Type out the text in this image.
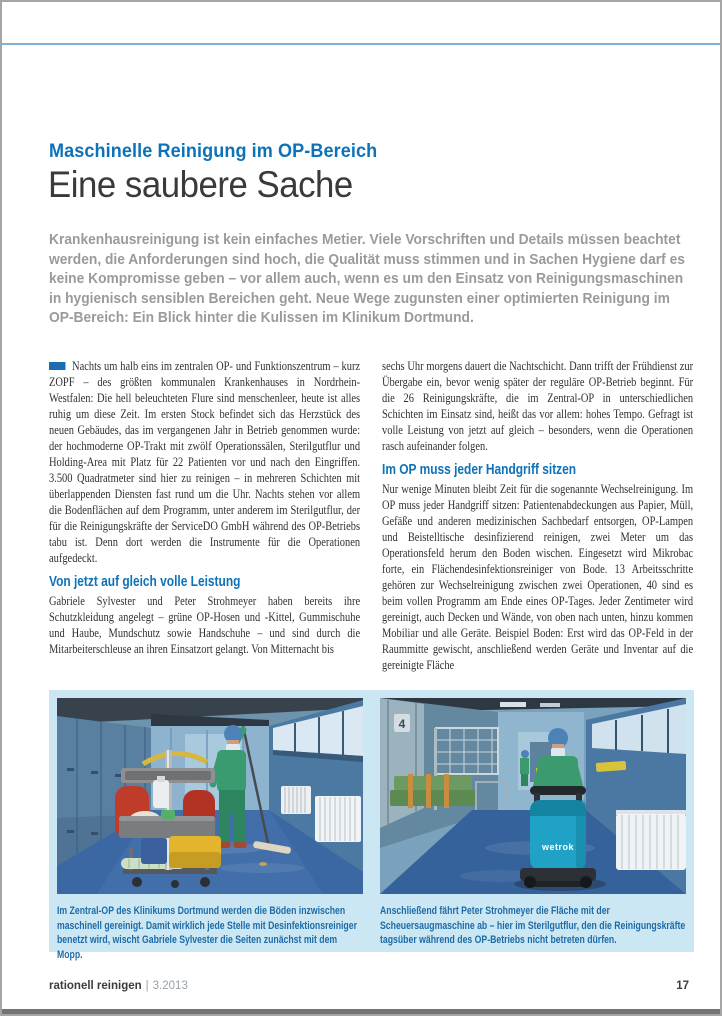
Maschinelle Reinigung im OP-Bereich
Eine saubere Sache

Krankenhausreinigung ist kein einfaches Metier. Viele Vorschriften und Details müssen beachtet werden, die Anforderungen sind hoch, die Qualität muss stimmen und in Sachen Hygiene darf es keine Kompromisse geben – vor allem auch, wenn es um den Einsatz von Reinigungsmaschinen in hygienisch sensiblen Bereichen geht. Neue Wege zugunsten einer optimierten Reinigung im OP-Bereich: Ein Blick hinter die Kulissen im Klinikum Dortmund.

Nachts um halb eins im zentralen OP- und Funktionszentrum – kurz ZOPF – des größten kommunalen Krankenhauses in Nordrhein-Westfalen: Die hell beleuchteten Flure sind menschenleer, heute ist alles ruhig um diese Zeit. Im ersten Stock befindet sich das Herzstück des neuen Gebäudes, das im vergangenen Jahr in Betrieb genommen wurde: der hochmoderne OP-Trakt mit zwölf Operationssälen, Sterilgutflur und Holding-Area mit Platz für 22 Patienten vor und nach den Eingriffen. 3.500 Quadratmeter sind hier zu reinigen – in mehreren Schichten mit überlappenden Diensten fast rund um die Uhr. Nachts stehen vor allem die Bodenflächen auf dem Programm, unter anderem im Sterilgutflur, der für die Reinigungskräfte der ServiceDO GmbH während des OP-Betriebs tabu ist. Denn dort werden die Instrumente für die Operationen aufgedeckt.

Von jetzt auf gleich volle Leistung

Gabriele Sylvester und Peter Strohmeyer haben bereits ihre Schutzkleidung angelegt – grüne OP-Hosen und -Kittel, Gummischuhe und Haube, Mundschutz sowie Handschuhe – und sind durch die Mitarbeiterschleuse an ihren Einsatzort gelangt. Von Mitternacht bis

sechs Uhr morgens dauert die Nachtschicht. Dann trifft der Frühdienst zur Übergabe ein, bevor wenig später der reguläre OP-Betrieb beginnt. Für die 26 Reinigungskräfte, die im Zentral-OP in unterschiedlichen Schichten im Einsatz sind, heißt das vor allem: hohes Tempo. Gefragt ist volle Leistung von jetzt auf gleich – besonders, wenn die Operationen rasch aufeinander folgen.

Im OP muss jeder Handgriff sitzen

Nur wenige Minuten bleibt Zeit für die sogenannte Wechselreinigung. Im OP muss jeder Handgriff sitzen: Patientenabdeckungen aus Papier, Müll, Gefäße und anderen medizinischen Sachbedarf entsorgen, OP-Lampen und Beistelltische desinfizierend reinigen, zwei Meter um das Operationsfeld herum den Boden wischen. Eingesetzt wird Mikrobac forte, ein Flächendesinfektionsreiniger von Bode. 13 Arbeitsschritte gehören zur Wechselreinigung zwischen zwei Operationen, 40 sind es beim vollen Programm am Ende eines OP-Tages. Jeder Zentimeter wird gereinigt, auch Decken und Wände, von oben nach unten, hinzu kommen Mobiliar und alle Geräte. Beispiel Boden: Erst wird das OP-Feld in der Raummitte gewischt, anschließend werden Geräte und Inventar auf die gereinigte Fläche

4
wetrok
Im Zentral-OP des Klinikums Dortmund werden die Böden inzwischen maschinell gereinigt. Damit wirklich jede Stelle mit Desinfektionsreiniger benetzt wird, wischt Gabriele Sylvester die Seiten zunächst mit dem Mopp.
Anschließend fährt Peter Strohmeyer die Fläche mit der Scheuersaugmaschine ab – hier im Sterilgutflur, den die Reinigungskräfte tagsüber während des OP-Betriebs nicht betreten dürfen.
rationell reinigen | 3.2013	17
